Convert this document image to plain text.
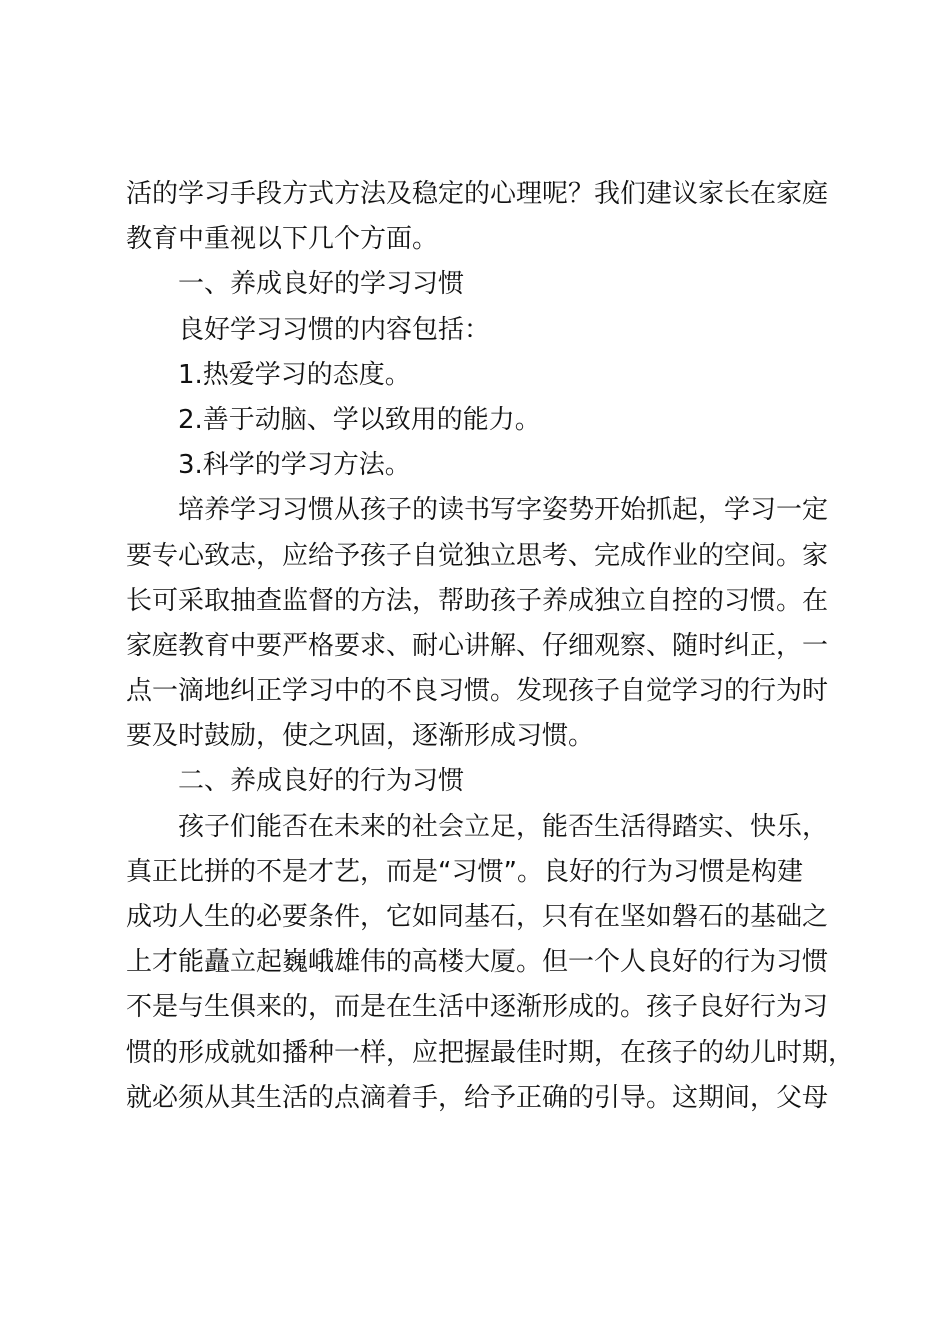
活的学习手段方式方法及稳定的心理呢？我们建议家长在家庭
教育中重视以下几个方面。
一、养成良好的学习习惯
良好学习习惯的内容包括：
1.热爱学习的态度。
2.善于动脑、学以致用的能力。
3.科学的学习方法。
培养学习习惯从孩子的读书写字姿势开始抓起，学习一定
要专心致志，应给予孩子自觉独立思考、完成作业的空间。家
长可采取抽查监督的方法，帮助孩子养成独立自控的习惯。在
家庭教育中要严格要求、耐心讲解、仔细观察、随时纠正，一
点一滴地纠正学习中的不良习惯。发现孩子自觉学习的行为时
要及时鼓励，使之巩固，逐渐形成习惯。
二、养成良好的行为习惯
孩子们能否在未来的社会立足，能否生活得踏实、快乐，
真正比拼的不是才艺，而是“习惯”。良好的行为习惯是构建
成功人生的必要条件，它如同基石，只有在坚如磐石的基础之
上才能矗立起巍峨雄伟的高楼大厦。但一个人良好的行为习惯
不是与生俱来的，而是在生活中逐渐形成的。孩子良好行为习
惯的形成就如播种一样，应把握最佳时期，在孩子的幼儿时期，
就必须从其生活的点滴着手，给予正确的引导。这期间，父母
